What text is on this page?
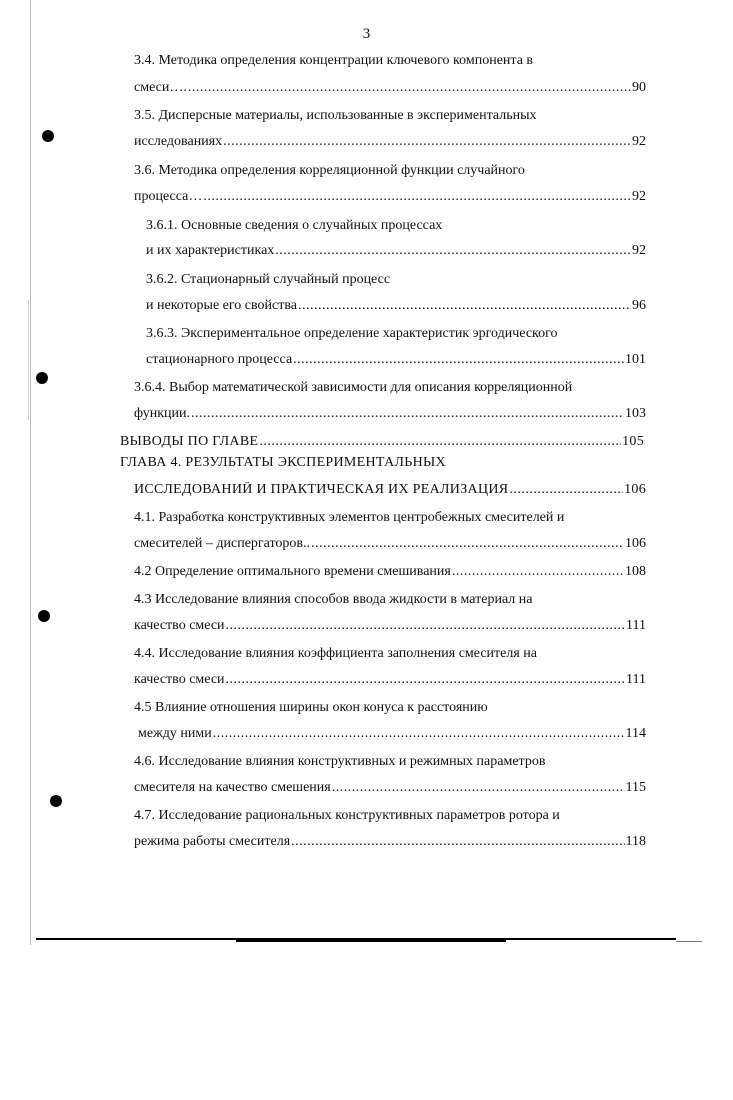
3
3.4. Методика определения концентрации ключевого компонента в
смеси…. .....	90
3.5. Дисперсные материалы, использованные в экспериментальных
исследованиях .....	92
3.6. Методика определения корреляционной функции случайного
процесса… .....	92
3.6.1. Основные сведения о случайных процессах
и их характеристиках .....	92
3.6.2. Стационарный случайный процесс
и некоторые его свойства .....	96
3.6.3. Экспериментальное определение характеристик эргодического
стационарного процесса .....	101
3.6.4. Выбор математической зависимости для описания корреляционной
функции. .....	103
ВЫВОДЫ ПО ГЛАВЕ .....	105
ГЛАВА 4. РЕЗУЛЬТАТЫ ЭКСПЕРИМЕНТАЛЬНЫХ
ИССЛЕДОВАНИЙ И ПРАКТИЧЕСКАЯ ИХ РЕАЛИЗАЦИЯ .....	106
4.1. Разработка конструктивных элементов центробежных смесителей и
смесителей – диспергаторов.. .....	106
4.2 Определение оптимального времени смешивания .....	108
4.3 Исследование влияния способов ввода жидкости в материал на
качество смеси .....	111
4.4. Исследование влияния коэффициента заполнения смесителя на
качество смеси .....	111
4.5 Влияние отношения ширины окон конуса к расстоянию
между ними .....	114
4.6. Исследование влияния конструктивных и режимных параметров
смесителя на качество смешения .....	115
4.7. Исследование рациональных конструктивных параметров ротора и
режима работы смесителя .....	118
